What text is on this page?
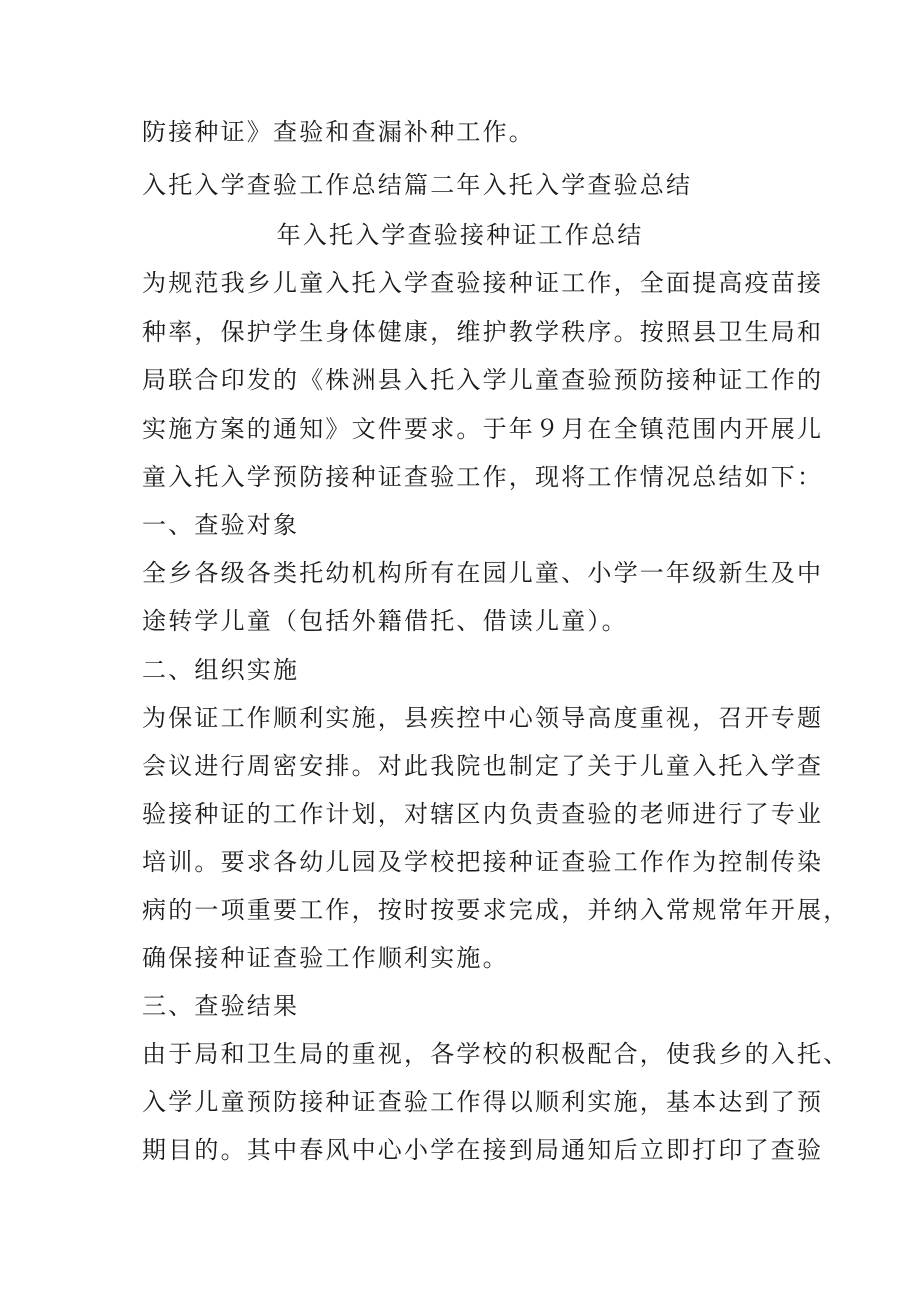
防接种证》查验和查漏补种工作。

入托入学查验工作总结篇二年入托入学查验总结

年入托入学查验接种证工作总结

为规范我乡儿童入托入学查验接种证工作，全面提高疫苗接

种率，保护学生身体健康，维护教学秩序。按照县卫生局和

局联合印发的《株洲县入托入学儿童查验预防接种证工作的

实施方案的通知》文件要求。于年９月在全镇范围内开展儿

童入托入学预防接种证查验工作，现将工作情况总结如下：

一、查验对象

全乡各级各类托幼机构所有在园儿童、小学一年级新生及中

途转学儿童（包括外籍借托、借读儿童）。

二、组织实施

为保证工作顺利实施，县疾控中心领导高度重视，召开专题

会议进行周密安排。对此我院也制定了关于儿童入托入学查

验接种证的工作计划，对辖区内负责查验的老师进行了专业

培训。要求各幼儿园及学校把接种证查验工作作为控制传染

病的一项重要工作，按时按要求完成，并纳入常规常年开展，

确保接种证查验工作顺利实施。

三、查验结果

由于局和卫生局的重视，各学校的积极配合，使我乡的入托、

入学儿童预防接种证查验工作得以顺利实施，基本达到了预

期目的。其中春风中心小学在接到局通知后立即打印了查验
